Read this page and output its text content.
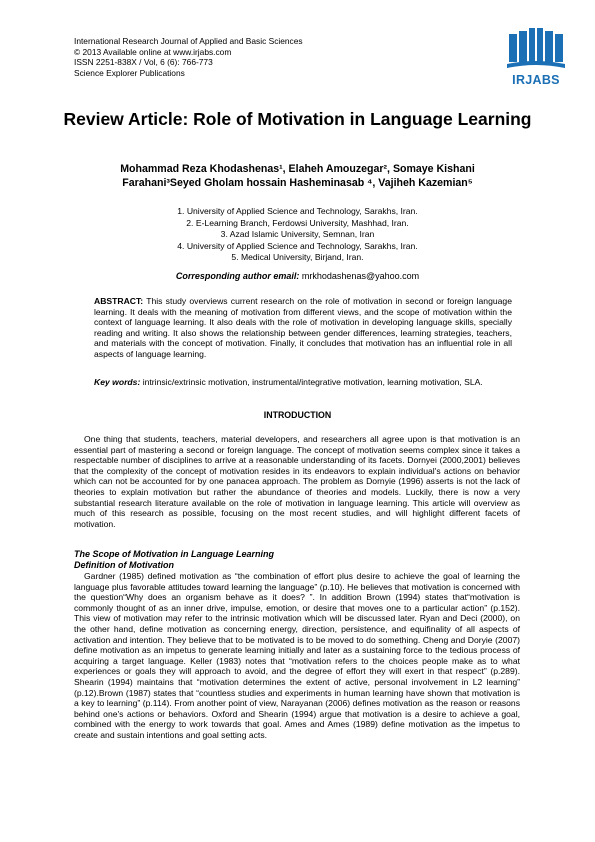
International Research Journal of Applied and Basic Sciences
© 2013 Available online at www.irjabs.com
ISSN 2251-838X / Vol, 6 (6): 766-773
Science Explorer Publications
IRJABS
Review Article: Role of Motivation in Language Learning
Mohammad Reza Khodashenas¹, Elaheh Amouzegar², Somaye Kishani
Farahani³Seyed Gholam hossain Hasheminasab ⁴, Vajiheh Kazemian⁵
1. University of Applied Science and Technology, Sarakhs, Iran.
2. E-Learning Branch, Ferdowsi University, Mashhad, Iran.
3. Azad Islamic University, Semnan, Iran
4. University of Applied Science and Technology, Sarakhs, Iran.
5. Medical University, Birjand, Iran.
Corresponding author email: mrkhodashenas@yahoo.com
ABSTRACT: This study overviews current research on the role of motivation in second or foreign language learning. It deals with the meaning of motivation from different views, and the scope of motivation within the context of language learning. It also deals with the role of motivation in developing language skills, specially reading and writing. It also shows the relationship between gender differences, learning strategies, teachers, and materials with the concept of motivation. Finally, it concludes that motivation has an influential role in all aspects of language learning.
Key words: intrinsic/extrinsic motivation, instrumental/integrative motivation, learning motivation, SLA.
INTRODUCTION
One thing that students, teachers, material developers, and researchers all agree upon is that motivation is an essential part of mastering a second or foreign language. The concept of motivation seems complex since it takes a respectable number of disciplines to arrive at a reasonable understanding of its facets. Dornyei (2000,2001) believes that the complexity of the concept of motivation resides in its endeavors to explain individual's actions on behavior which can not be accounted for by one panacea approach. The problem as Dornyie (1996) asserts is not the lack of theories to explain motivation but rather the abundance of theories and models. Luckily, there is now a very substantial research literature available on the role of motivation in language learning. This article will overview as much of this research as possible, focusing on the most recent studies, and will highlight different facets of motivation.
The Scope of Motivation in Language Learning
Definition of Motivation
Gardner (1985) defined motivation as “the combination of effort plus desire to achieve the goal of learning the language plus favorable attitudes toward learning the language” (p.10). He believes that motivation is concerned with the question“Why does an organism behave as it does? ”. In addition Brown (1994) states that“motivation is commonly thought of as an inner drive, impulse, emotion, or desire that moves one to a particular action” (p.152). This view of motivation may refer to the intrinsic motivation which will be discussed later. Ryan and Deci (2000), on the other hand, define motivation as concerning energy, direction, persistence, and equifinality of all aspects of activation and intention. They believe that to be motivated is to be moved to do something. Cheng and Doryie (2007) define motivation as an impetus to generate learning initially and later as a sustaining force to the tedious process of acquiring a target language. Keller (1983) notes that “motivation refers to the choices people make as to what experiences or goals they will approach to avoid, and the degree of effort they will exert in that respect” (p.289). Shearin (1994) maintains that “motivation determines the extent of active, personal involvement in L2 learning” (p.12).Brown (1987) states that “countless studies and experiments in human learning have shown that motivation is a key to learning” (p.114). From another point of view, Narayanan (2006) defines motivation as the reason or reasons behind one's actions or behaviors. Oxford and Shearin (1994) argue that motivation is a desire to achieve a goal, combined with the energy to work towards that goal. Ames and Ames (1989) define motivation as the impetus to create and sustain intentions and goal setting acts.
